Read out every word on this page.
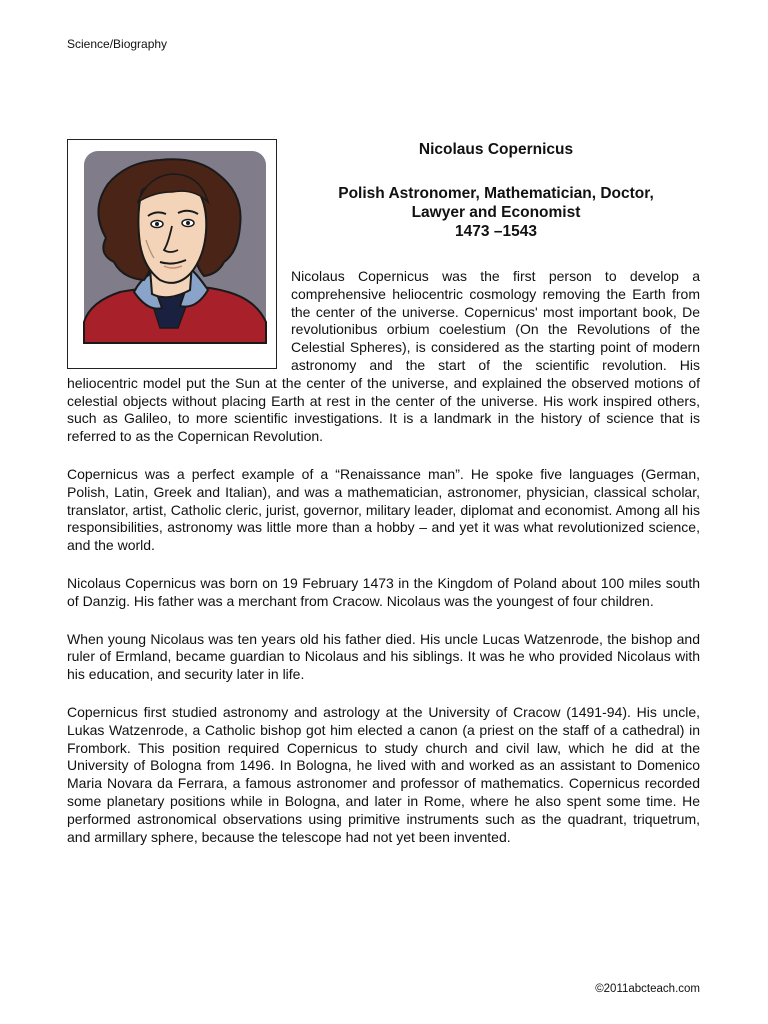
Science/Biography
Nicolaus Copernicus
Polish Astronomer, Mathematician, Doctor,
Lawyer and Economist
1473 –1543

Nicolaus Copernicus was the first person to develop a comprehensive heliocentric cosmology removing the Earth from the center of the universe. Copernicus' most important book, De revolutionibus orbium coelestium (On the Revolutions of the Celestial Spheres), is considered as the starting point of modern astronomy and the start of the scientific revolution. His heliocentric model put the Sun at the center of the universe, and explained the observed motions of celestial objects without placing Earth at rest in the center of the universe. His work inspired others, such as Galileo, to more scientific investigations. It is a landmark in the history of science that is referred to as the Copernican Revolution.

Copernicus was a perfect example of a “Renaissance man”. He spoke five languages (German, Polish, Latin, Greek and Italian), and was a mathematician, astronomer, physician, classical scholar, translator, artist, Catholic cleric, jurist, governor, military leader, diplomat and economist. Among all his responsibilities, astronomy was little more than a hobby – and yet it was what revolutionized science, and the world.

Nicolaus Copernicus was born on 19 February 1473 in the Kingdom of Poland about 100 miles south of Danzig. His father was a merchant from Cracow. Nicolaus was the youngest of four children.

When young Nicolaus was ten years old his father died. His uncle Lucas Watzenrode, the bishop and ruler of Ermland, became guardian to Nicolaus and his siblings. It was he who provided Nicolaus with his education, and security later in life.

Copernicus first studied astronomy and astrology at the University of Cracow (1491-94). His uncle, Lukas Watzenrode, a Catholic bishop got him elected a canon (a priest on the staff of a cathedral) in Frombork. This position required Copernicus to study church and civil law, which he did at the University of Bologna from 1496. In Bologna, he lived with and worked as an assistant to Domenico Maria Novara da Ferrara, a famous astronomer and professor of mathematics. Copernicus recorded some planetary positions while in Bologna, and later in Rome, where he also spent some time. He performed astronomical observations using primitive instruments such as the quadrant, triquetrum, and armillary sphere, because the telescope had not yet been invented.

©2011abcteach.com
